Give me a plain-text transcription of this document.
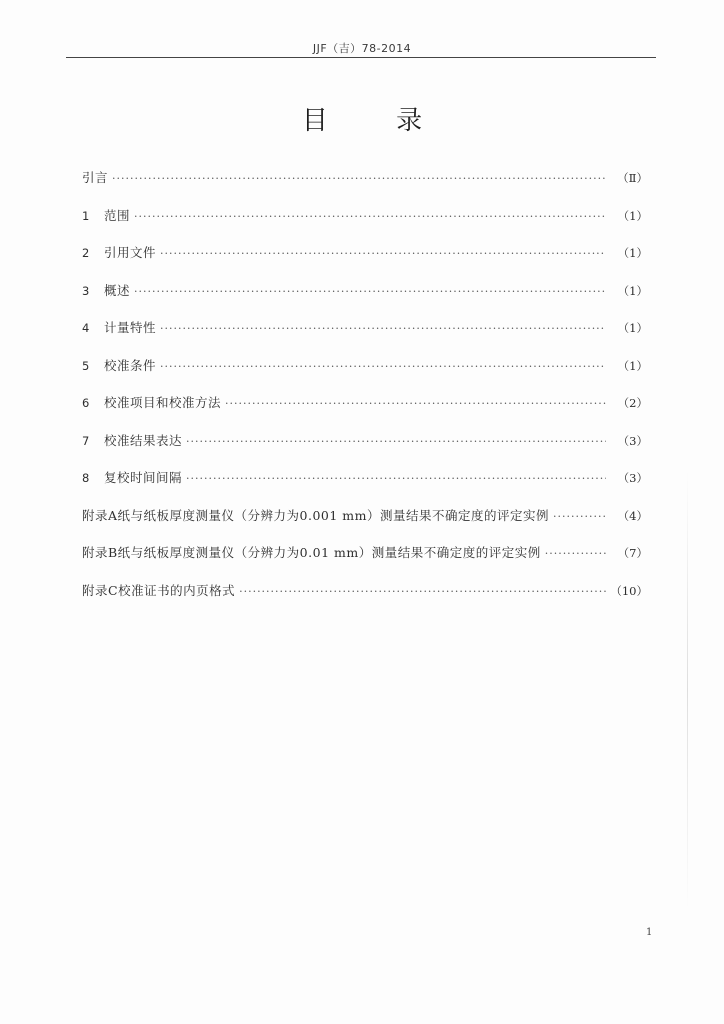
JJF（吉）78-2014
目 录
引言 ·····	（Ⅱ）
1	范围 ·····	（1）
2	引用文件 ·····	（1）
3	概述 ·····	（1）
4	计量特性 ·····	（1）
5	校准条件 ·····	（1）
6	校准项目和校准方法 ·····	（2）
7	校准结果表达 ·····	（3）
8	复校时间间隔 ·····	（3）
附录A纸与纸板厚度测量仪（分辨力为0.001 mm）测量结果不确定度的评定实例 ·····	（4）
附录B纸与纸板厚度测量仪（分辨力为0.01 mm）测量结果不确定度的评定实例 ·····	（7）
附录C校准证书的内页格式 ·····	（10）
1
